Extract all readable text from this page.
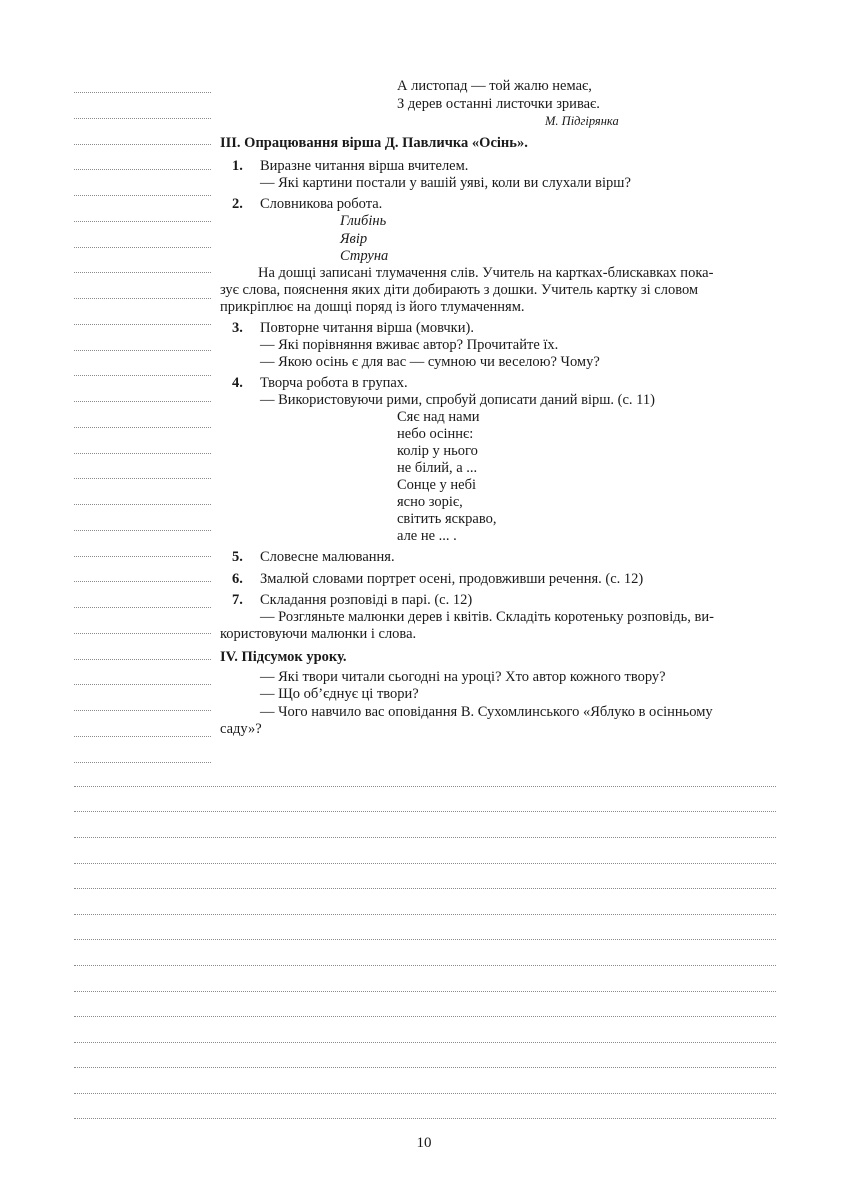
А листопад — той жалю немає,
З дерев останні листочки зриває.
М. Підгірянка
ІІІ. Опрацювання вірша Д. Павличка «Осінь».
1.	Виразне читання вірша вчителем.
— Які картини постали у вашій уяві, коли ви слухали вірш?
2.	Словникова робота.
Глибінь
Явір
Струна
На дошці записані тлумачення слів. Учитель на картках-блискавках пока-
зує слова, пояснення яких діти добирають з дошки. Учитель картку зі словом
прикріплює на дошці поряд із його тлумаченням.
3.	Повторне читання вірша (мовчки).
— Які порівняння вживає автор? Прочитайте їх.
— Якою осінь є для вас — сумною чи веселою? Чому?
4.	Творча робота в групах.
— Використовуючи рими, спробуй дописати даний вірш. (с. 11)
Сяє над нами
небо осіннє:
колір у нього
не білий, а ...
Сонце у небі
ясно зоріє,
світить яскраво,
але не ... .
5.	Словесне малювання.
6.	Змалюй словами портрет осені, продовживши речення. (с. 12)
7.	Складання розповіді в парі. (с. 12)
— Розгляньте малюнки дерев і квітів. Складіть коротеньку розповідь, ви-
користовуючи малюнки і слова.
IV. Підсумок уроку.
— Які твори читали сьогодні на уроці? Хто автор кожного твору?
— Що об’єднує ці твори?
— Чого навчило вас оповідання В. Сухомлинського «Яблуко в осінньому
саду»?
10
